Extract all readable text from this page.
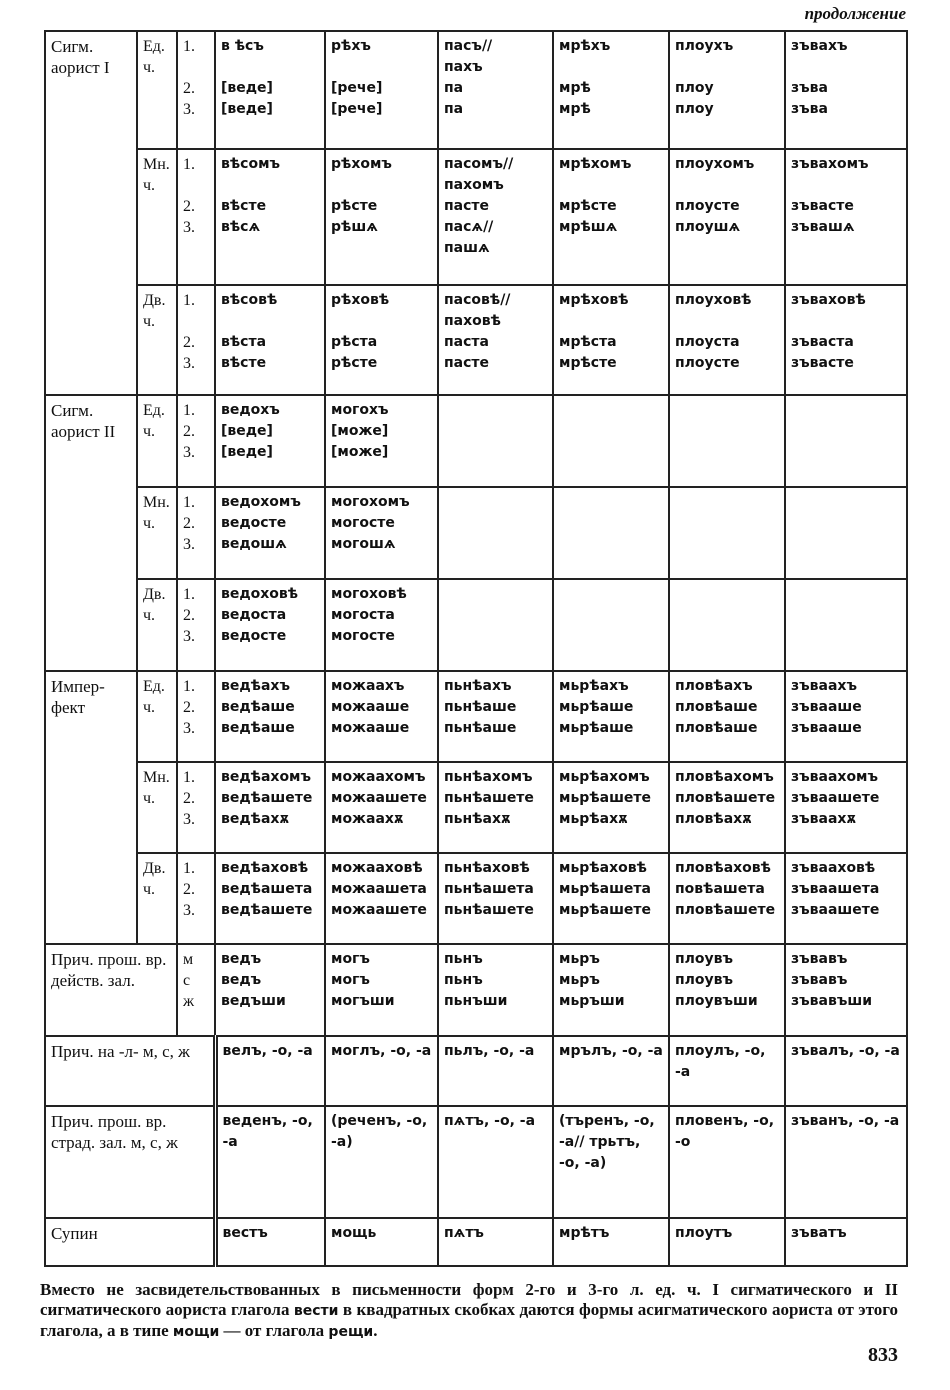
продолжение
Сигм. аорист I	Ед. ч.	1.
2.
3.	в ѣсъ
[веде]
[веде]	рѣхъ
[рече]
[рече]	пасъ//
пахъ
па
па	мрѣхъ
мрѣ
мрѣ	плоухъ
плоу
плоу	зъвахъ
зъва
зъва

	Мн. ч.	1.
2.
3.	вѣсомъ
вѣсте
вѣсѧ	рѣхомъ
рѣсте
рѣшѧ	пасомъ//
пахомъ
пасте
пасѧ//
пашѧ	мрѣхомъ
мрѣсте
мрѣшѧ	плоухомъ
плоусте
плоушѧ	зъвахомъ
зъвасте
зъвашѧ

	Дв. ч.	1.
2.
3.	вѣсовѣ
вѣста
вѣсте	рѣховѣ
рѣста
рѣсте	пасовѣ//
паховѣ
паста
пасте	мрѣховѣ
мрѣста
мрѣсте	плоуховѣ
плоуста
плоусте	зъваховѣ
зъваста
зъвасте

Сигм. аорист II	Ед. ч.	1.
2.
3.	ведохъ
[веде]
[веде]	могохъ
[може]
[може]				

	Мн. ч.	1.
2.
3.	ведохомъ
ведосте
ведошѧ	могохомъ
могосте
могошѧ				

	Дв. ч.	1.
2.
3.	ведоховѣ
ведоста
ведосте	могоховѣ
могоста
могосте				

Импер- фект	Ед. ч.	1.
2.
3.	ведѣахъ
ведѣаше
ведѣаше	можаахъ
можааше
можааше	пьнѣахъ
пьнѣаше
пьнѣаше	мьрѣахъ
мьрѣаше
мьрѣаше	пловѣахъ
пловѣаше
пловѣаше	зъваахъ
зъвааше
зъвааше

	Мн. ч.	1.
2.
3.	ведѣахомъ
ведѣашете
ведѣахѫ	можаахомъ
можаашете
можаахѫ	пьнѣахомъ
пьнѣашете
пьнѣахѫ	мьрѣахомъ
мьрѣашете
мьрѣахѫ	пловѣахомъ
пловѣашете
пловѣахѫ	зъваахомъ
зъваашете
зъваахѫ

	Дв. ч.	1.
2.
3.	ведѣаховѣ
ведѣашета
ведѣашете	можааховѣ
можаашета
можаашете	пьнѣаховѣ
пьнѣашета
пьнѣашете	мьрѣаховѣ
мьрѣашета
мьрѣашете	пловѣаховѣ
повѣашета
пловѣашете	зъвааховѣ
зъваашета
зъваашете

Прич. прош. вр. действ. зал.		м
с
ж	ведъ
ведъ
ведъши	могъ
могъ
могъши	пьнъ
пьнъ
пьнъши	мьръ
мьръ
мьръши	плоувъ
плоувъ
плоувъши	зъвавъ
зъвавъ
зъвавъши

Прич. на -л- м, с, ж			велъ, -о, -а	моглъ, -о, -а	пьлъ, -о, -а	мрълъ, -о, -а	плоулъ, -о, -а	зъвалъ, -о, -а
Прич. прош. вр. страд. зал. м, с, ж			веденъ, -о, -а	(реченъ, -о, -а)	пѧтъ, -о, -а	(търенъ, -о, -а// трьтъ, -о, -а)	пловенъ, -о, -о	зъванъ, -о, -а
Супин			вестъ	мощь	пѧтъ	мрѣтъ	плоутъ	зъватъ
Вместо не засвидетельствованных в письменности форм 2-го и 3-го л. ед. ч. I сигматического и II сигматического аориста глагола вести в квадратных скобках даются формы асигматического аориста от этого глагола, а в типе мощи — от глагола рещи.
833
